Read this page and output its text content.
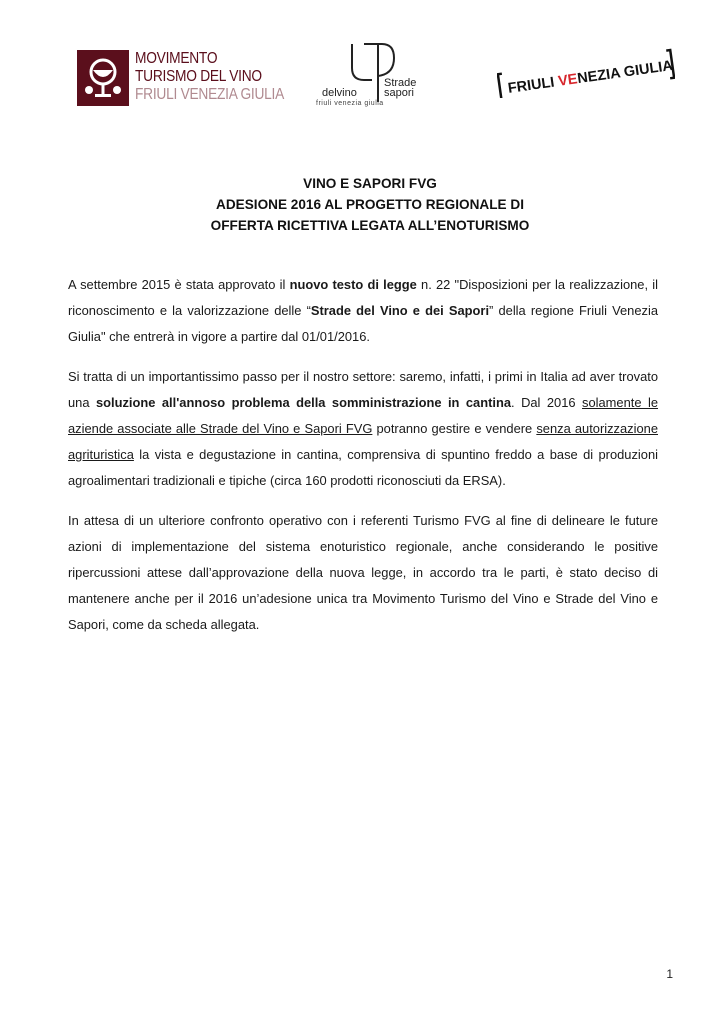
MOVIMENTO
TURISMO DEL VINO
FRIULI VENEZIA GIULIA
Strade
delvino sapori
friuli venezia giulia
FRIULI VENEZIA GIULIA
VINO E SAPORI FVG
ADESIONE 2016 AL PROGETTO REGIONALE DI
OFFERTA RICETTIVA LEGATA ALL’ENOTURISMO

A settembre 2015 è stata approvato il nuovo testo di legge n. 22 "Disposizioni per la realizzazione, il riconoscimento e la valorizzazione delle “Strade del Vino e dei Sapori” della regione Friuli Venezia Giulia" che entrerà in vigore a partire dal 01/01/2016.

Si tratta di un importantissimo passo per il nostro settore: saremo, infatti, i primi in Italia ad aver trovato una soluzione all'annoso problema della somministrazione in cantina. Dal 2016 solamente le aziende associate alle Strade del Vino e Sapori FVG potranno gestire e vendere senza autorizzazione agrituristica la vista e degustazione in cantina, comprensiva di spuntino freddo a base di produzioni agroalimentari tradizionali e tipiche (circa 160 prodotti riconosciuti da ERSA).

In attesa di un ulteriore confronto operativo con i referenti Turismo FVG al fine di delineare le future azioni di implementazione del sistema enoturistico regionale, anche considerando le positive ripercussioni attese dall’approvazione della nuova legge, in accordo tra le parti, è stato deciso di mantenere anche per il 2016 un’adesione unica tra Movimento Turismo del Vino e Strade del Vino e Sapori, come da scheda allegata.

1
